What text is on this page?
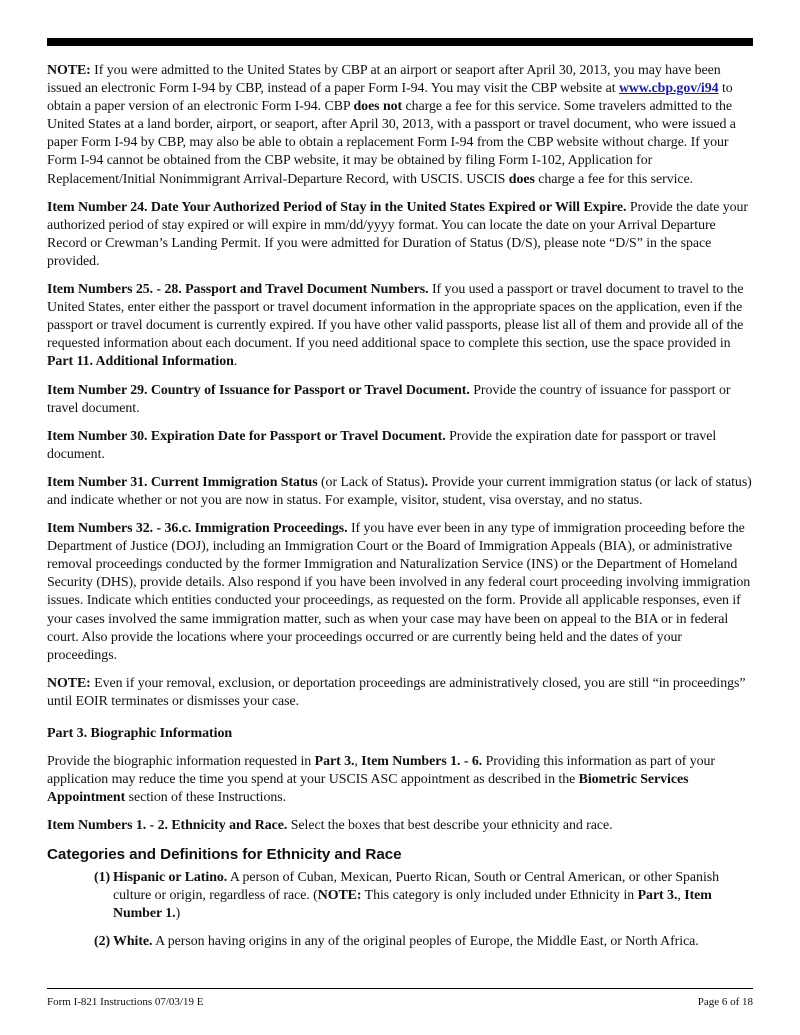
NOTE: If you were admitted to the United States by CBP at an airport or seaport after April 30, 2013, you may have been issued an electronic Form I-94 by CBP, instead of a paper Form I-94. You may visit the CBP website at www.cbp.gov/i94 to obtain a paper version of an electronic Form I-94. CBP does not charge a fee for this service. Some travelers admitted to the United States at a land border, airport, or seaport, after April 30, 2013, with a passport or travel document, who were issued a paper Form I-94 by CBP, may also be able to obtain a replacement Form I-94 from the CBP website without charge. If your Form I-94 cannot be obtained from the CBP website, it may be obtained by filing Form I-102, Application for Replacement/Initial Nonimmigrant Arrival-Departure Record, with USCIS. USCIS does charge a fee for this service.

Item Number 24. Date Your Authorized Period of Stay in the United States Expired or Will Expire. Provide the date your authorized period of stay expired or will expire in mm/dd/yyyy format. You can locate the date on your Arrival Departure Record or Crewman’s Landing Permit. If you were admitted for Duration of Status (D/S), please note “D/S” in the space provided.

Item Numbers 25. - 28. Passport and Travel Document Numbers. If you used a passport or travel document to travel to the United States, enter either the passport or travel document information in the appropriate spaces on the application, even if the passport or travel document is currently expired. If you have other valid passports, please list all of them and provide all of the requested information about each document. If you need additional space to complete this section, use the space provided in Part 11. Additional Information.

Item Number 29. Country of Issuance for Passport or Travel Document. Provide the country of issuance for passport or travel document.

Item Number 30. Expiration Date for Passport or Travel Document. Provide the expiration date for passport or travel document.

Item Number 31. Current Immigration Status (or Lack of Status). Provide your current immigration status (or lack of status) and indicate whether or not you are now in status. For example, visitor, student, visa overstay, and no status.

Item Numbers 32. - 36.c. Immigration Proceedings. If you have ever been in any type of immigration proceeding before the Department of Justice (DOJ), including an Immigration Court or the Board of Immigration Appeals (BIA), or administrative removal proceedings conducted by the former Immigration and Naturalization Service (INS) or the Department of Homeland Security (DHS), provide details. Also respond if you have been involved in any federal court proceeding involving immigration issues. Indicate which entities conducted your proceedings, as requested on the form. Provide all applicable responses, even if your cases involved the same immigration matter, such as when your case may have been on appeal to the BIA or in federal court. Also provide the locations where your proceedings occurred or are currently being held and the dates of your proceedings.

NOTE: Even if your removal, exclusion, or deportation proceedings are administratively closed, you are still “in proceedings” until EOIR terminates or dismisses your case.

Part 3. Biographic Information

Provide the biographic information requested in Part 3., Item Numbers 1. - 6. Providing this information as part of your application may reduce the time you spend at your USCIS ASC appointment as described in the Biometric Services Appointment section of these Instructions.

Item Numbers 1. - 2. Ethnicity and Race. Select the boxes that best describe your ethnicity and race.

Categories and Definitions for Ethnicity and Race
(1) Hispanic or Latino. A person of Cuban, Mexican, Puerto Rican, South or Central American, or other Spanish culture or origin, regardless of race. (NOTE: This category is only included under Ethnicity in Part 3., Item Number 1.)
(2) White. A person having origins in any of the original peoples of Europe, the Middle East, or North Africa.
Form I-821 Instructions 07/03/19 E	Page 6 of 18
